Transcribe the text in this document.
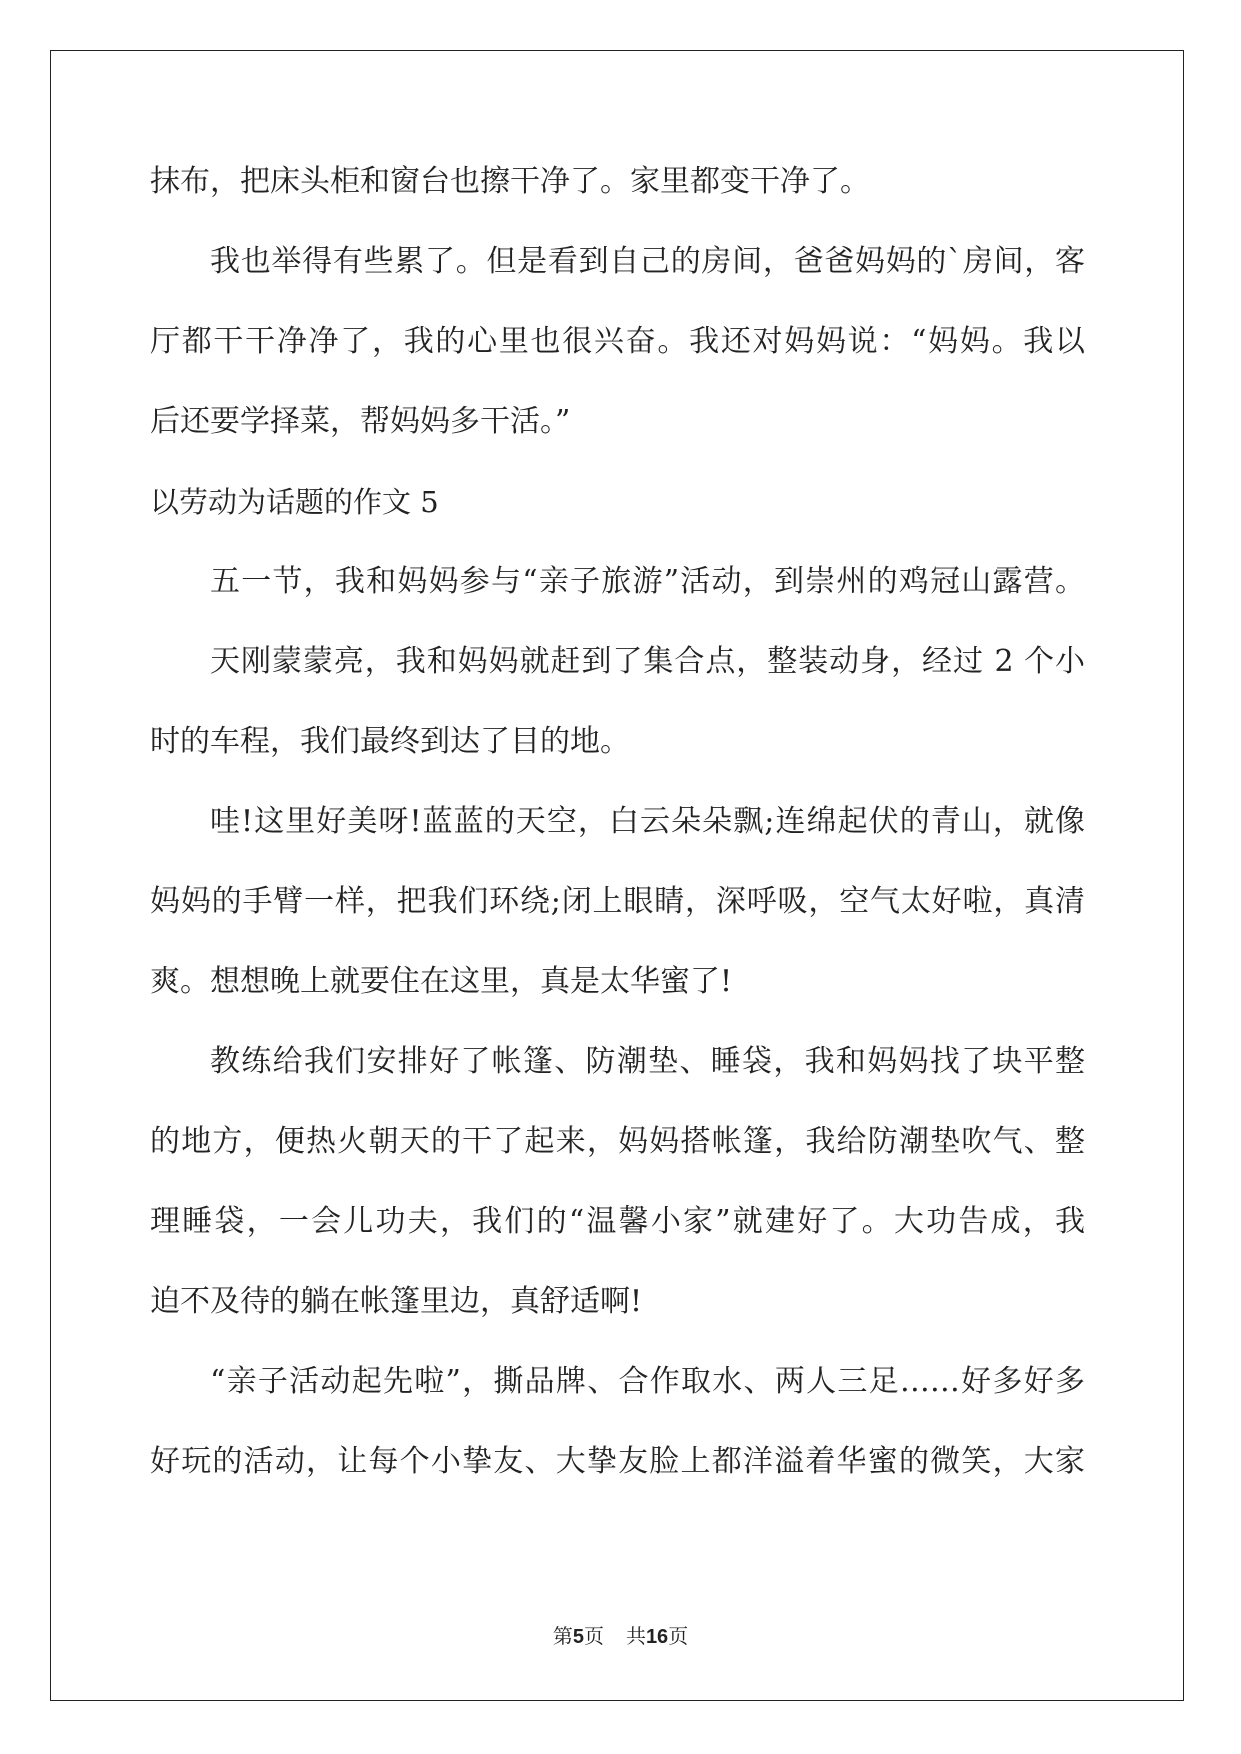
抹布，把床头柜和窗台也擦干净了。家里都变干净了。
我也举得有些累了。但是看到自己的房间，爸爸妈妈的`房间，客
厅都干干净净了，我的心里也很兴奋。我还对妈妈说：“妈妈。我以
后还要学择菜，帮妈妈多干活。”
以劳动为话题的作文 5
五一节，我和妈妈参与“亲子旅游”活动，到崇州的鸡冠山露营。
天刚蒙蒙亮，我和妈妈就赶到了集合点，整装动身，经过 2 个小
时的车程，我们最终到达了目的地。
哇!这里好美呀!蓝蓝的天空，白云朵朵飘;连绵起伏的青山，就像
妈妈的手臂一样，把我们环绕;闭上眼睛，深呼吸，空气太好啦，真清
爽。想想晚上就要住在这里，真是太华蜜了!
教练给我们安排好了帐篷、防潮垫、睡袋，我和妈妈找了块平整
的地方，便热火朝天的干了起来，妈妈搭帐篷，我给防潮垫吹气、整
理睡袋，一会儿功夫，我们的“温馨小家”就建好了。大功告成，我
迫不及待的躺在帐篷里边，真舒适啊!
“亲子活动起先啦”，撕品牌、合作取水、两人三足……好多好多
好玩的活动，让每个小挚友、大挚友脸上都洋溢着华蜜的微笑，大家
第5页 共16页
